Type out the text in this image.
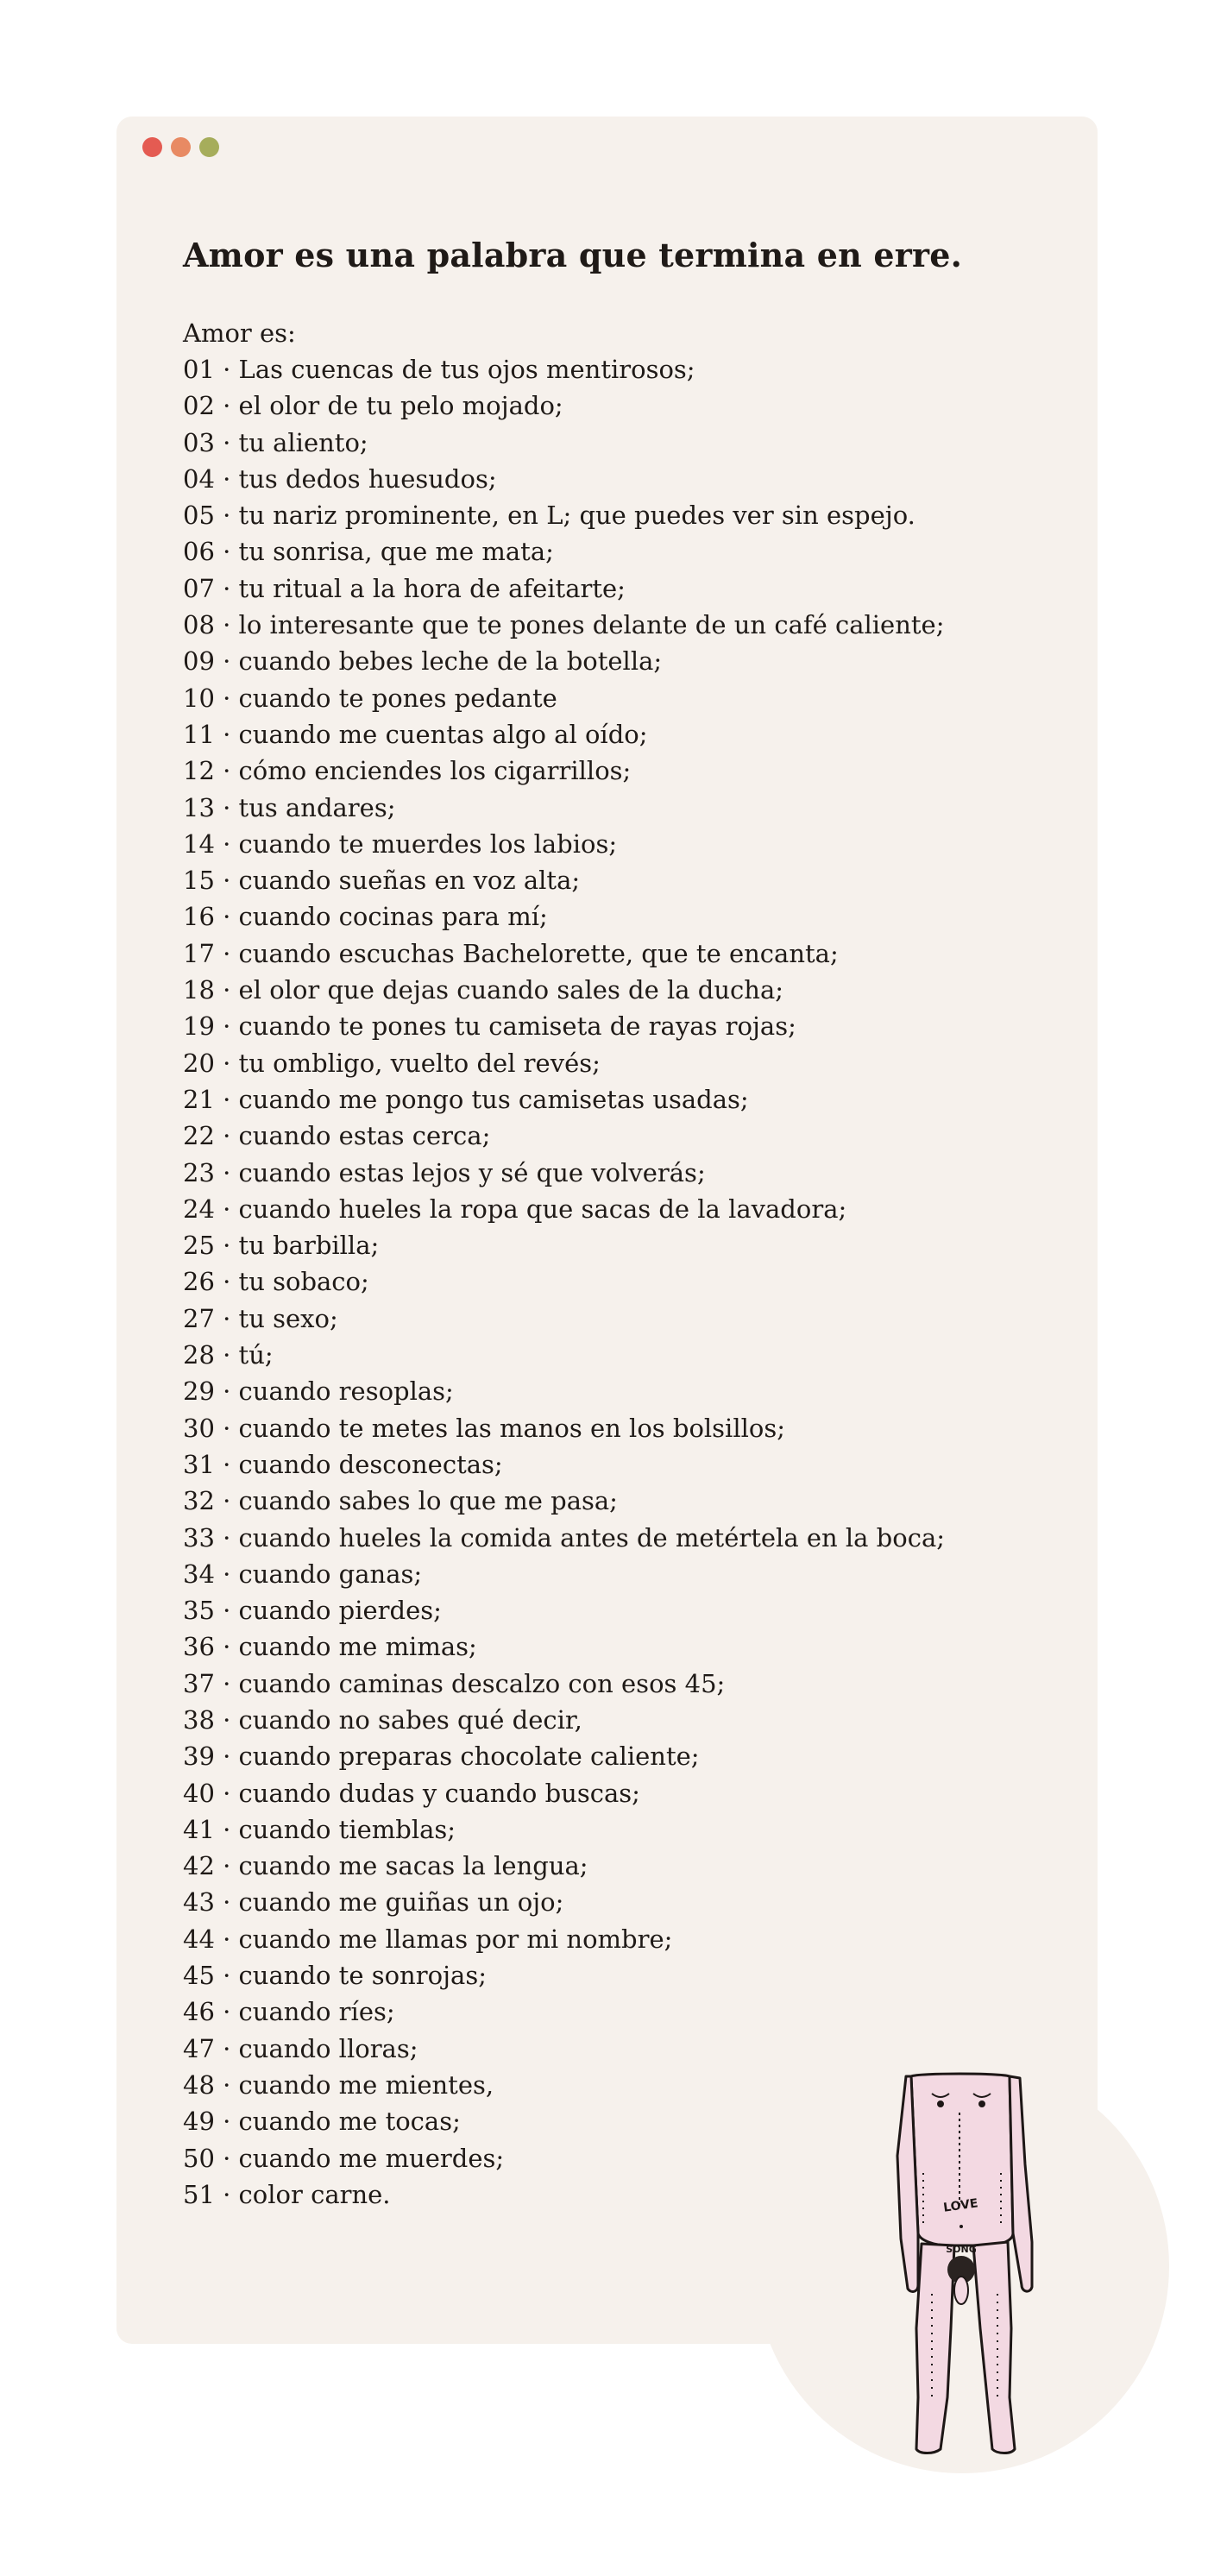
Amor es una palabra que termina en erre.

Amor es:

01 · Las cuencas de tus ojos mentirosos;
02 · el olor de tu pelo mojado;
03 · tu aliento;
04 · tus dedos huesudos;
05 · tu nariz prominente, en L; que puedes ver sin espejo.
06 · tu sonrisa, que me mata;
07 · tu ritual a la hora de afeitarte;
08 · lo interesante que te pones delante de un café caliente;
09 · cuando bebes leche de la botella;
10 · cuando te pones pedante
11 · cuando me cuentas algo al oído;
12 · cómo enciendes los cigarrillos;
13 · tus andares;
14 · cuando te muerdes los labios;
15 · cuando sueñas en voz alta;
16 · cuando cocinas para mí;
17 · cuando escuchas Bachelorette, que te encanta;
18 · el olor que dejas cuando sales de la ducha;
19 · cuando te pones tu camiseta de rayas rojas;
20 · tu ombligo, vuelto del revés;
21 · cuando me pongo tus camisetas usadas;
22 · cuando estas cerca;
23 · cuando estas lejos y sé que volverás;
24 · cuando hueles la ropa que sacas de la lavadora;
25 · tu barbilla;
26 · tu sobaco;
27 · tu sexo;
28 · tú;
29 · cuando resoplas;
30 · cuando te metes las manos en los bolsillos;
31 · cuando desconectas;
32 · cuando sabes lo que me pasa;
33 · cuando hueles la comida antes de metértela en la boca;
34 · cuando ganas;
35 · cuando pierdes;
36 · cuando me mimas;
37 · cuando caminas descalzo con esos 45;
38 · cuando no sabes qué decir,
39 · cuando preparas chocolate caliente;
40 · cuando dudas y cuando buscas;
41 · cuando tiemblas;
42 · cuando me sacas la lengua;
43 · cuando me guiñas un ojo;
44 · cuando me llamas por mi nombre;
45 · cuando te sonrojas;
46 · cuando ríes;
47 · cuando lloras;
48 · cuando me mientes,
49 · cuando me tocas;
50 · cuando me muerdes;
51 · color carne.	LOVE
SONG
